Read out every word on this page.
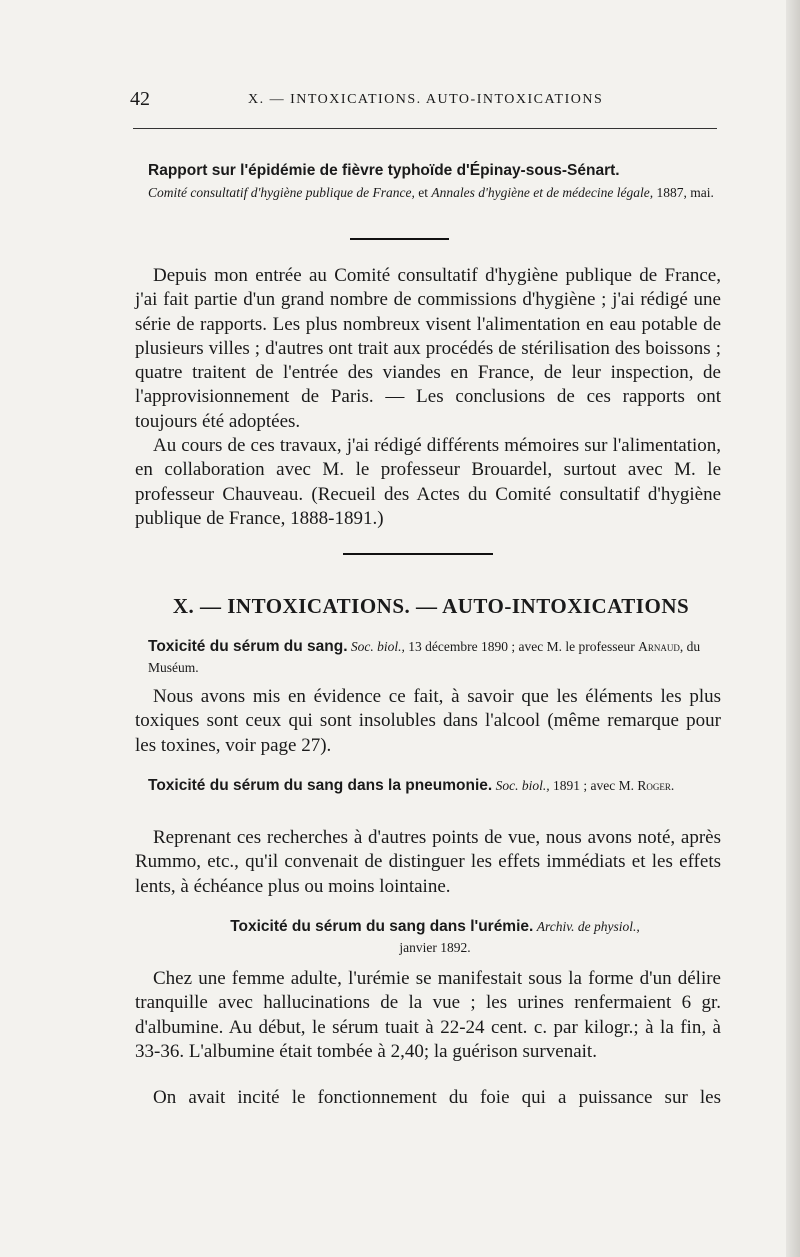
42	X. — INTOXICATIONS. AUTO-INTOXICATIONS
Rapport sur l'épidémie de fièvre typhoïde d'Épinay-sous-Sénart.
Comité consultatif d'hygiène publique de France, et Annales d'hygiène et de médecine légale, 1887, mai.

Depuis mon entrée au Comité consultatif d'hygiène publique de France, j'ai fait partie d'un grand nombre de commissions d'hygiène ; j'ai rédigé une série de rapports. Les plus nombreux visent l'alimentation en eau potable de plusieurs villes ; d'autres ont trait aux procédés de stérilisation des boissons ; quatre traitent de l'entrée des viandes en France, de leur inspection, de l'approvisionnement de Paris. — Les conclusions de ces rapports ont toujours été adoptées.

Au cours de ces travaux, j'ai rédigé différents mémoires sur l'alimentation, en collaboration avec M. le professeur Brouardel, surtout avec M. le professeur Chauveau. (Recueil des Actes du Comité consultatif d'hygiène publique de France, 1888-1891.)

X. — INTOXICATIONS. — AUTO-INTOXICATIONS
Toxicité du sérum du sang. Soc. biol., 13 décembre 1890 ; avec M. le professeur Arnaud, du Muséum.

Nous avons mis en évidence ce fait, à savoir que les éléments les plus toxiques sont ceux qui sont insolubles dans l'alcool (même remarque pour les toxines, voir page 27).

Toxicité du sérum du sang dans la pneumonie. Soc. biol., 1891 ; avec M. Roger.

Reprenant ces recherches à d'autres points de vue, nous avons noté, après Rummo, etc., qu'il convenait de distinguer les effets immédiats et les effets lents, à échéance plus ou moins lointaine.

Toxicité du sérum du sang dans l'urémie. Archiv. de physiol.,
janvier 1892.

Chez une femme adulte, l'urémie se manifestait sous la forme d'un délire tranquille avec hallucinations de la vue ; les urines renfermaient 6 gr. d'albumine. Au début, le sérum tuait à 22-24 cent. c. par kilogr.; à la fin, à 33-36. L'albumine était tombée à 2,40; la guérison survenait.

On avait incité le fonctionnement du foie qui a puissance sur les
